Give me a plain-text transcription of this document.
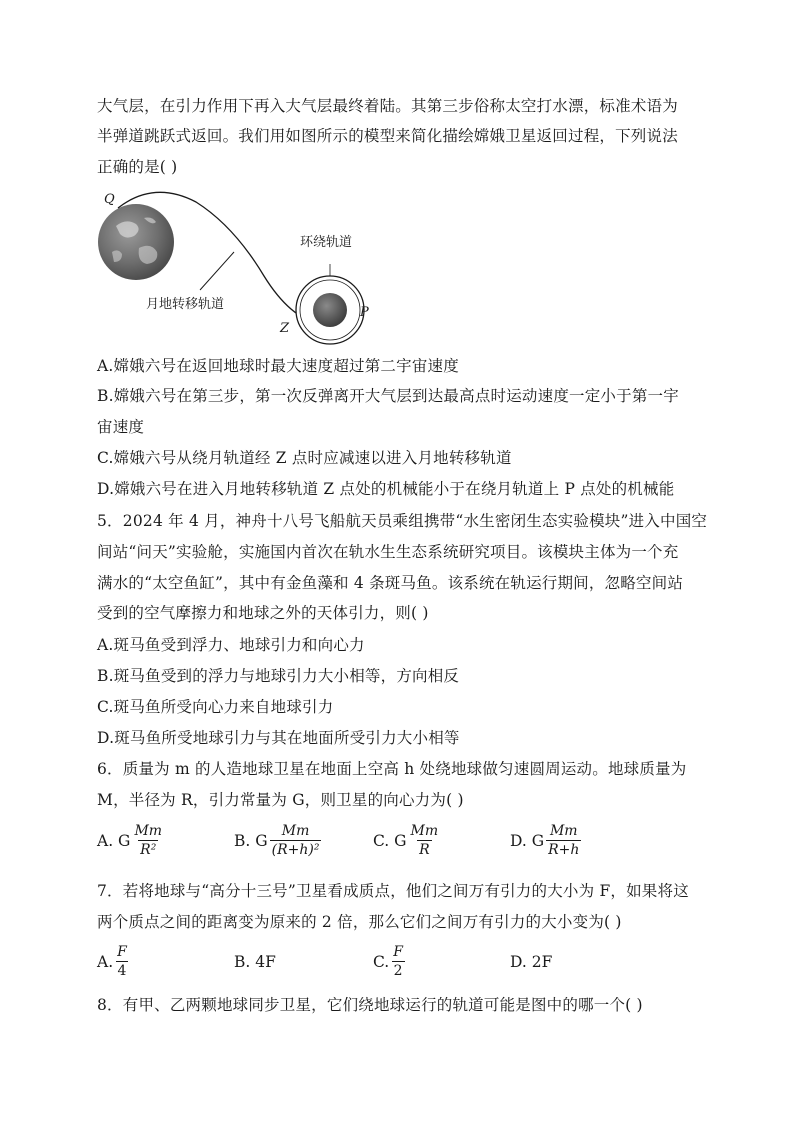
大气层，在引力作用下再入大气层最终着陆。其第三步俗称太空打水漂，标准术语为
半弹道跳跃式返回。我们用如图所示的模型来简化描绘嫦娥卫星返回过程，下列说法
正确的是( )
Q
环绕轨道
月地转移轨道
Z
P
A.嫦娥六号在返回地球时最大速度超过第二宇宙速度
B.嫦娥六号在第三步，第一次反弹离开大气层到达最高点时运动速度一定小于第一宇
宙速度
C.嫦娥六号从绕月轨道经 Z 点时应减速以进入月地转移轨道
D.嫦娥六号在进入月地转移轨道 Z 点处的机械能小于在绕月轨道上 P 点处的机械能
5．2024 年 4 月，神舟十八号飞船航天员乘组携带“水生密闭生态实验模块”进入中国空
间站“问天”实验舱，实施国内首次在轨水生生态系统研究项目。该模块主体为一个充
满水的“太空鱼缸”，其中有金鱼藻和 4 条斑马鱼。该系统在轨运行期间，忽略空间站
受到的空气摩擦力和地球之外的天体引力，则( )
A.斑马鱼受到浮力、地球引力和向心力
B.斑马鱼受到的浮力与地球引力大小相等，方向相反
C.斑马鱼所受向心力来自地球引力
D.斑马鱼所受地球引力与其在地面所受引力大小相等
6．质量为 m 的人造地球卫星在地面上空高 h 处绕地球做匀速圆周运动。地球质量为
M，半径为 R，引力常量为 G，则卫星的向心力为( )
A. G $\frac{Mm}{\text{R²}}$	B. G $\frac{Mm}{\text{(R+h)²}}$	C. G $\frac{Mm}{R}$	D. G $\frac{Mm}{R+h}$
7．若将地球与“高分十三号”卫星看成质点，他们之间万有引力的大小为 F，如果将这
两个质点之间的距离变为原来的 2 倍，那么它们之间万有引力的大小变为( )
A. $\frac{F}{4}$	B. 4F	C. $\frac{F}{2}$	D. 2F
8．有甲、乙两颗地球同步卫星，它们绕地球运行的轨道可能是图中的哪一个( )
